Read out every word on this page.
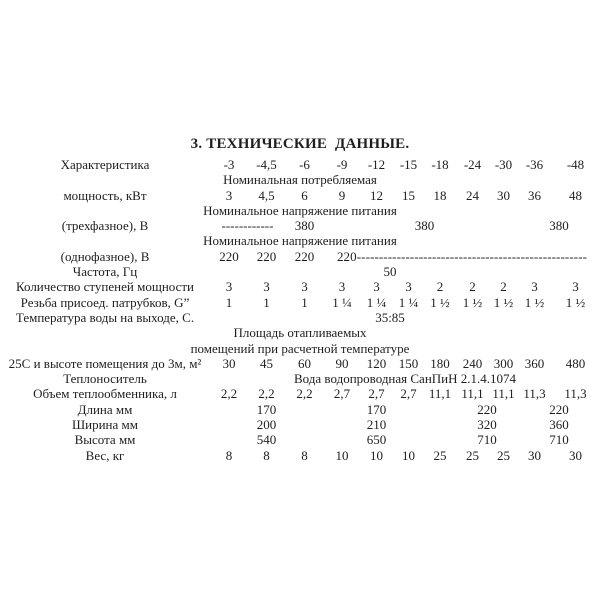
3. ТЕХНИЧЕСКИЕ  ДАННЫЕ.
Характеристика	-3	-4,5	-6	-9	-12	-15	-18	-24	-30	-36	-48
Номинальная потребляемая											
мощность, кВт	3	4,5	6	9	12	15	18	24	30	36	48
Номинальное напряжение питания											
(трехфазное), В	------------		380			380				380	
Номинальное напряжение питания											
(однофазное), В	220	220	220	220----------------------------------------------------							
Частота, Гц				50							
Количество ступеней мощности	3	3	3	3	3	3	2	2	2	3	3
Резьба присоед. патрубков, G”	1	1	1	1 ¼	1 ¼	1 ¼	1 ½	1 ½	1 ½	1 ½	1 ½
Температура воды на выходе, С.				35:85							
Площадь отапливаемых											
помещений при расчетной температуре											
25С и высоте помещения до 3м, м²	30	45	60	90	120	150	180	240	300	360	480
Теплоноситель	Вода водопроводная СанПиН 2.1.4.1074										
Объем теплообменника, л	2,2	2,2	2,2	2,7	2,7	2,7	11,1	11,1	11,1	11,3	11,3
Длина мм		170			170			220		220	
Ширина мм		200			210			320		360	
Высота мм		540			650			710		710	
Вес, кг	8	8	8	10	10	10	25	25	25	30	30
